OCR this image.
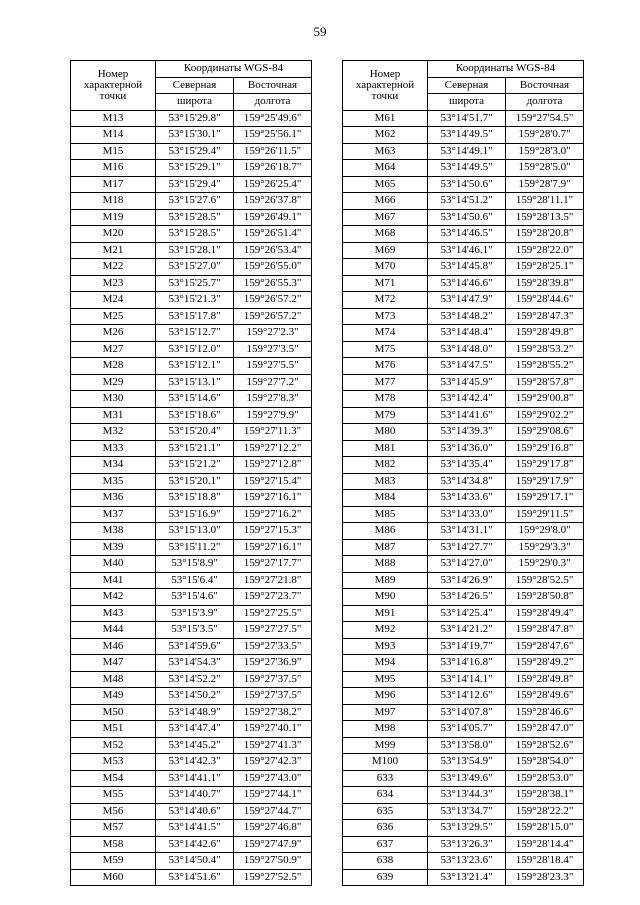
59
Номер
характерной
точки	Координаты WGS-84	
	Северная	Восточная
	широта	долгота
M13	53°15'29.8"	159°25'49.6"
M14	53°15'30.1"	159°25'56.1"
M15	53°15'29.4"	159°26'11.5"
M16	53°15'29.1"	159°26'18.7"
M17	53°15'29.4"	159°26'25.4"
M18	53°15'27.6"	159°26'37.8"
M19	53°15'28.5"	159°26'49.1"
M20	53°15'28.5"	159°26'51.4"
M21	53°15'28.1"	159°26'53.4"
M22	53°15'27.0"	159°26'55.0"
M23	53°15'25.7"	159°26'55.3"
M24	53°15'21.3"	159°26'57.2"
M25	53°15'17.8"	159°26'57.2"
M26	53°15'12.7"	159°27'2.3"
M27	53°15'12.0"	159°27'3.5"
M28	53°15'12.1"	159°27'5.5"
M29	53°15'13.1"	159°27'7.2"
M30	53°15'14.6"	159°27'8.3"
M31	53°15'18.6"	159°27'9.9"
M32	53°15'20.4"	159°27'11.3"
M33	53°15'21.1"	159°27'12.2"
M34	53°15'21.2"	159°27'12.8"
M35	53°15'20.1"	159°27'15.4"
M36	53°15'18.8"	159°27'16.1"
M37	53°15'16.9"	159°27'16.2"
M38	53°15'13.0"	159°27'15.3"
M39	53°15'11.2"	159°27'16.1"
M40	53°15'8.9"	159°27'17.7"
M41	53°15'6.4"	159°27'21.8"
M42	53°15'4.6"	159°27'23.7"
M43	53°15'3.9"	159°27'25.5"
M44	53°15'3.5"	159°27'27.5"
M46	53°14'59.6"	159°27'33.5"
M47	53°14'54.3"	159°27'36.9"
M48	53°14'52.2"	159°27'37.5"
M49	53°14'50.2"	159°27'37.5"
M50	53°14'48.9"	159°27'38.2"
M51	53°14'47.4"	159°27'40.1"
M52	53°14'45.2"	159°27'41.3"
M53	53°14'42.3"	159°27'42.3"
M54	53°14'41.1"	159°27'43.0"
M55	53°14'40.7"	159°27'44.1"
M56	53°14'40.6"	159°27'44.7"
M57	53°14'41.5"	159°27'46.8"
M58	53°14'42.6"	159°27'47.9"
M59	53°14'50.4"	159°27'50.9"
M60	53°14'51.6"	159°27'52.5"
Номер
характерной
точки	Координаты WGS-84	
	Северная	Восточная
	широта	долгота
M61	53°14'51.7"	159°27'54.5"
M62	53°14'49.5"	159°28'0.7"
M63	53°14'49.1"	159°28'3.0"
M64	53°14'49.5"	159°28'5.0"
M65	53°14'50.6"	159°28'7.9"
M66	53°14'51.2"	159°28'11.1"
M67	53°14'50.6"	159°28'13.5"
M68	53°14'46.5"	159°28'20.8"
M69	53°14'46.1"	159°28'22.0"
M70	53°14'45.8"	159°28'25.1"
M71	53°14'46.6"	159°28'39.8"
M72	53°14'47.9"	159°28'44.6"
M73	53°14'48.2"	159°28'47.3"
M74	53°14'48.4"	159°28'49.8"
M75	53°14'48.0"	159°28'53.2"
M76	53°14'47.5"	159°28'55.2"
M77	53°14'45.9"	159°28'57.8"
M78	53°14'42.4"	159°29'00.8"
M79	53°14'41.6"	159°29'02.2"
M80	53°14'39.3"	159°29'08.6"
M81	53°14'36.0"	159°29'16.8"
M82	53°14'35.4"	159°29'17.8"
M83	53°14'34.8"	159°29'17.9"
M84	53°14'33.6"	159°29'17.1"
M85	53°14'33.0"	159°29'11.5"
M86	53°14'31.1"	159°29'8.0"
M87	53°14'27.7"	159°29'3.3"
M88	53°14'27.0"	159°29'0.3"
M89	53°14'26.9"	159°28'52.5"
M90	53°14'26.5"	159°28'50.8"
M91	53°14'25.4"	159°28'49.4"
M92	53°14'21.2"	159°28'47.8"
M93	53°14'19.7"	159°28'47.6"
M94	53°14'16.8"	159°28'49.2"
M95	53°14'14.1"	159°28'49.8"
M96	53°14'12.6"	159°28'49.6"
M97	53°14'07.8"	159°28'46.6"
M98	53°14'05.7"	159°28'47.0"
M99	53°13'58.0"	159°28'52.6"
M100	53°13'54.9"	159°28'54.0"
633	53°13'49.6"	159°28'53.0"
634	53°13'44.3"	159°28'38.1"
635	53°13'34.7"	159°28'22.2"
636	53°13'29.5"	159°28'15.0"
637	53°13'26.3"	159°28'14.4"
638	53°13'23.6"	159°28'18.4"
639	53°13'21.4"	159°28'23.3"
